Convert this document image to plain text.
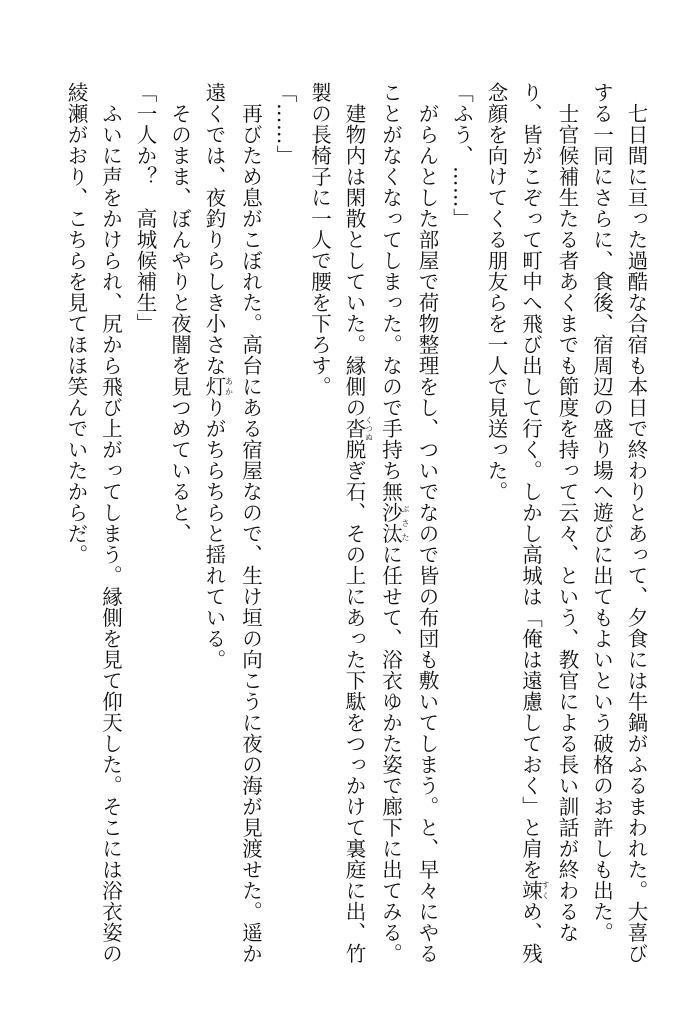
　七日間に亘った過酷な合宿も本日で終わりとあって、夕食には牛鍋がふるまわれた。大喜び

する一同にさらに、食後、宿周辺の盛り場へ遊びに出てもよいという破格のお許しも出た。

　士官候補生たる者あくまでも節度を持って云々、という、教官による長い訓話が終わるな

り、皆がこぞって町中へ飛び出して行く。しかし高城は「俺は遠慮しておく」と肩を竦すくめ、残

念顔を向けてくる朋友らを一人で見送った。

「ふう、……」

　がらんとした部屋で荷物整理をし、ついでなので皆の布団も敷いてしまう。と、早々にやる

ことがなくなってしまった。なので手持ち無沙汰ぶさたに任せて、浴衣ゆかた姿で廊下に出てみる。

　建物内は閑散としていた。縁側の沓くつぬ脱ぎ石、その上にあった下駄をつっかけて裏庭に出、竹

製の長椅子に一人で腰を下ろす。

「……」

　再びため息がこぼれた。高台にある宿屋なので、生け垣の向こうに夜の海が見渡せた。遥か

遠くでは、夜釣りらしき小さな灯あかりがちらちらと揺れている。

　そのまま、ぼんやりと夜闇を見つめていると、

「一人か？　高城候補生」

　ふいに声をかけられ、尻から飛び上がってしまう。縁側を見て仰天した。そこには浴衣姿の

綾瀬がおり、こちらを見てほほ笑んでいたからだ。
